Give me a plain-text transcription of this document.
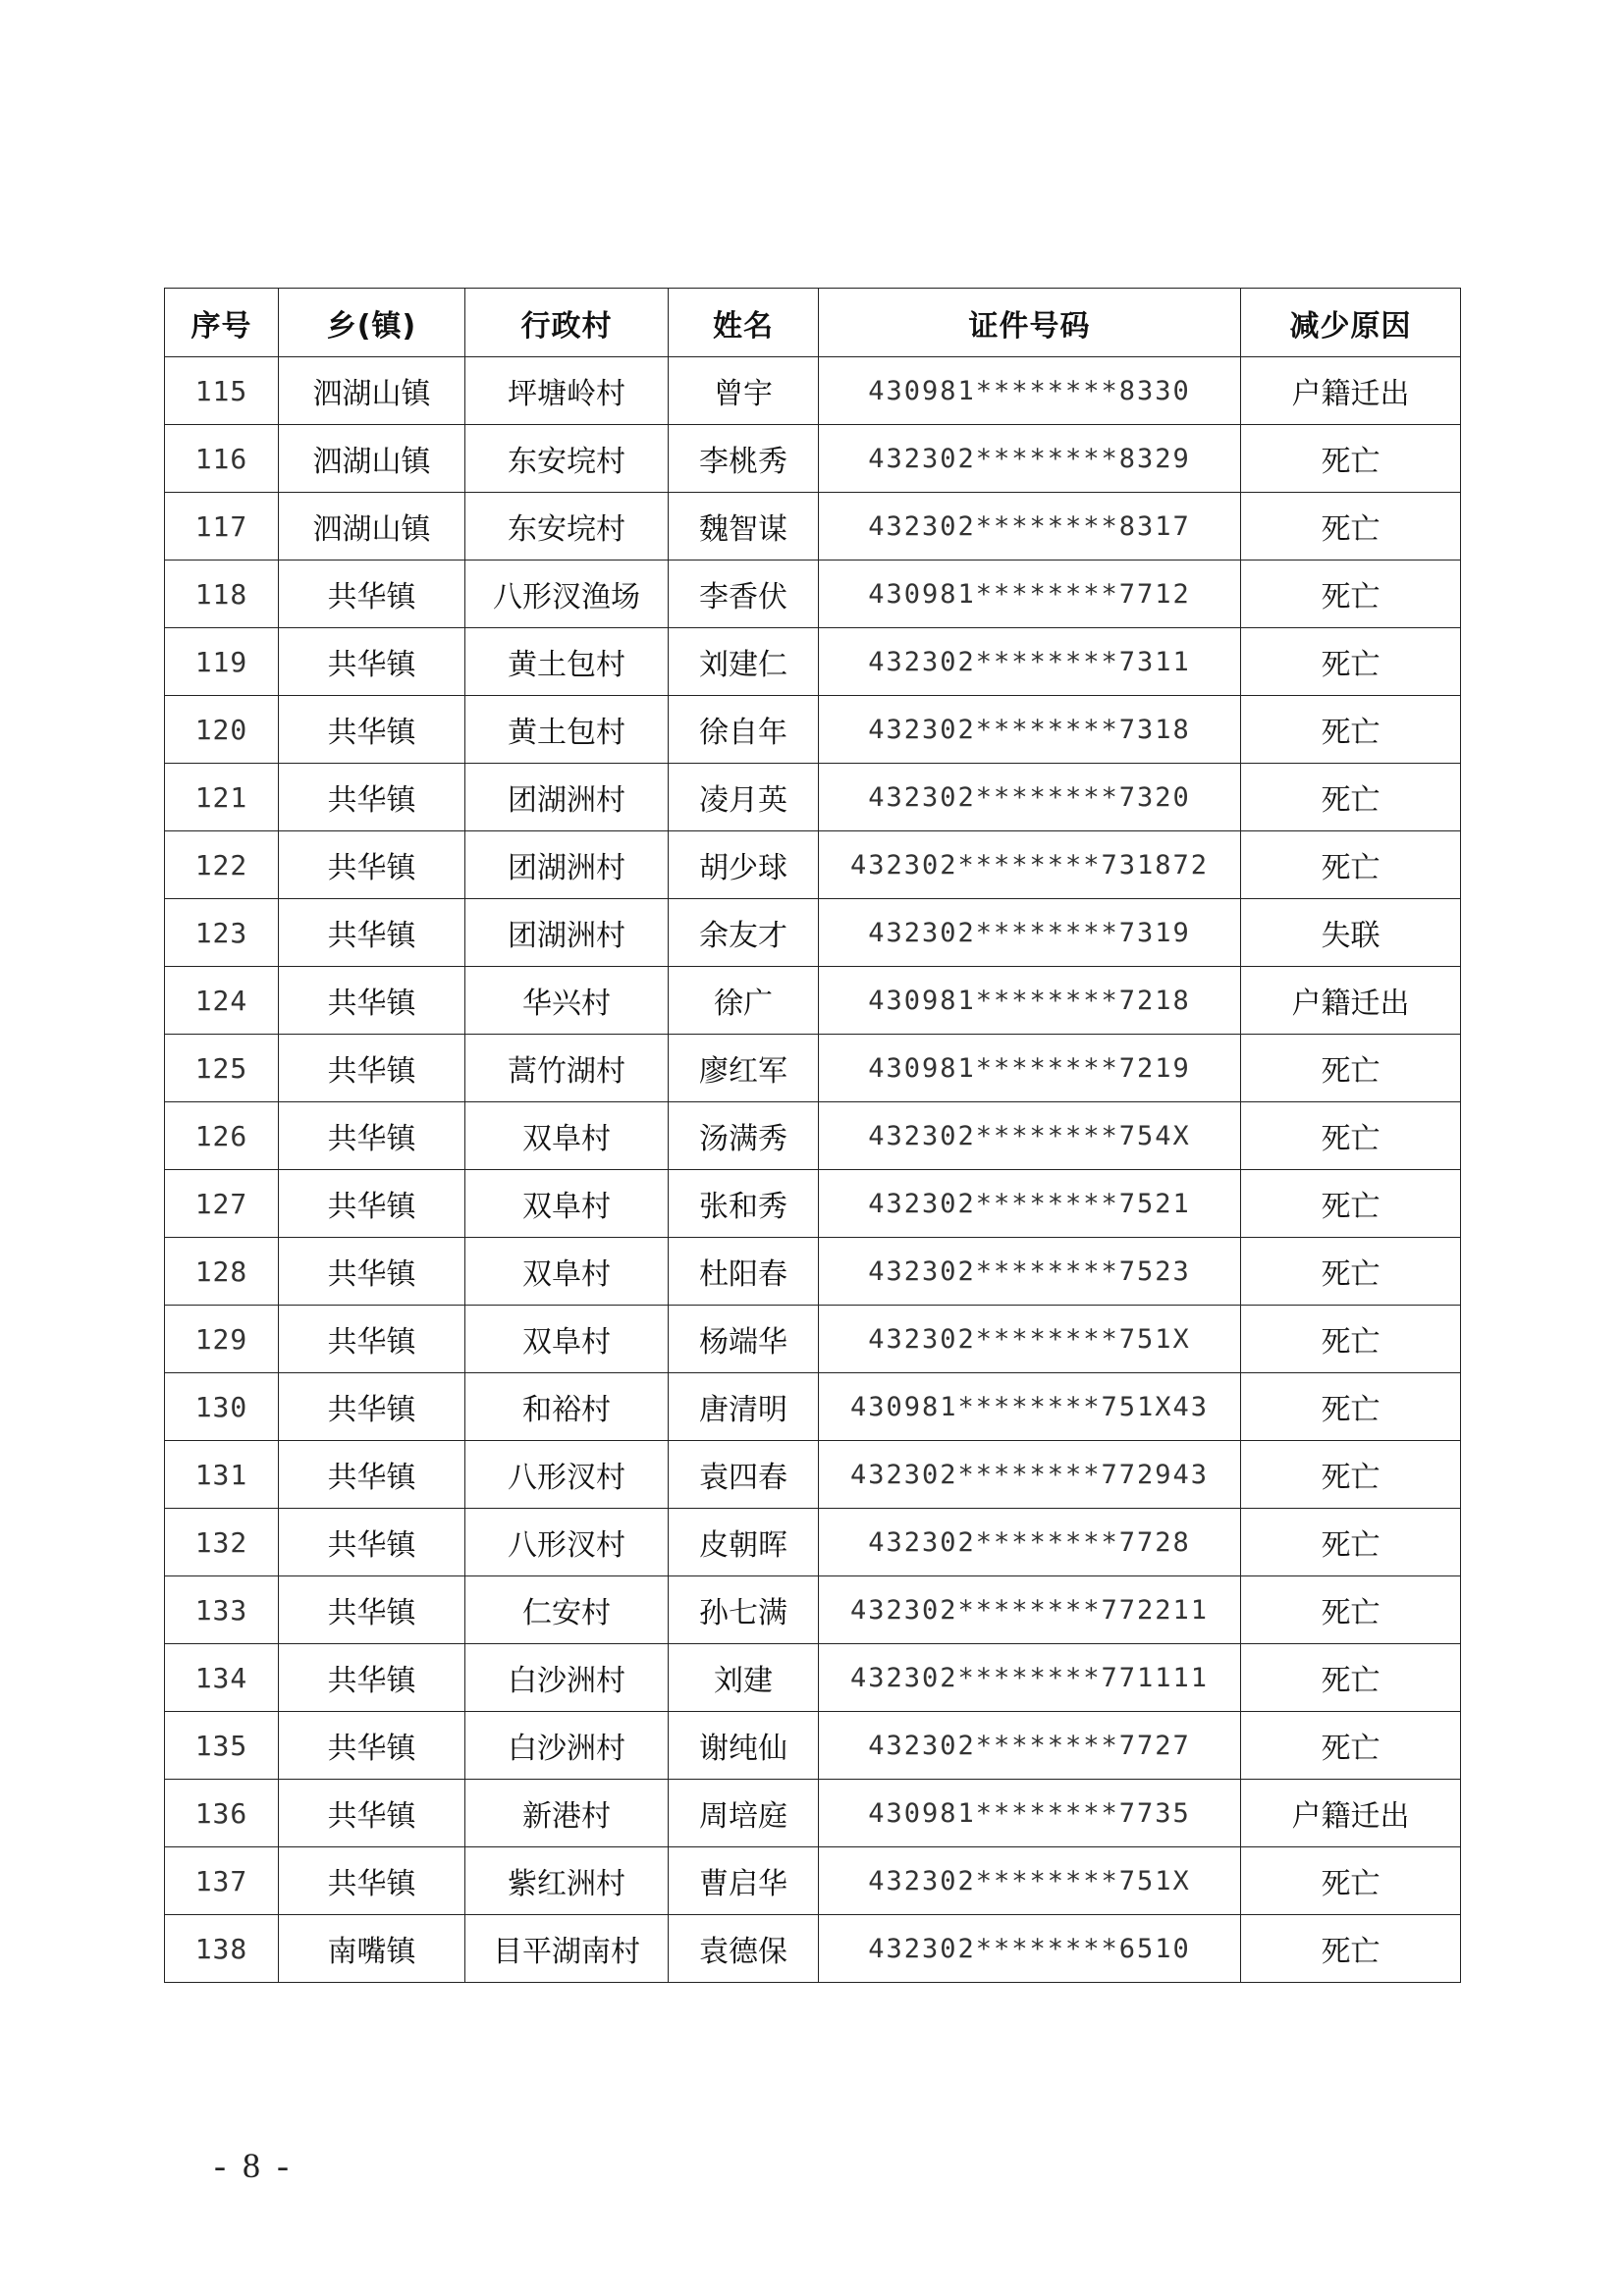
序号	乡(镇)	行政村	姓名	证件号码	减少原因
115	泗湖山镇	坪塘岭村	曾宇	430981********8330	户籍迁出
116	泗湖山镇	东安垸村	李桃秀	432302********8329	死亡
117	泗湖山镇	东安垸村	魏智谋	432302********8317	死亡
118	共华镇	八形汊渔场	李香伏	430981********7712	死亡
119	共华镇	黄土包村	刘建仁	432302********7311	死亡
120	共华镇	黄土包村	徐自年	432302********7318	死亡
121	共华镇	团湖洲村	凌月英	432302********7320	死亡
122	共华镇	团湖洲村	胡少球	432302********731872	死亡
123	共华镇	团湖洲村	余友才	432302********7319	失联
124	共华镇	华兴村	徐广	430981********7218	户籍迁出
125	共华镇	蒿竹湖村	廖红军	430981********7219	死亡
126	共华镇	双阜村	汤满秀	432302********754X	死亡
127	共华镇	双阜村	张和秀	432302********7521	死亡
128	共华镇	双阜村	杜阳春	432302********7523	死亡
129	共华镇	双阜村	杨端华	432302********751X	死亡
130	共华镇	和裕村	唐清明	430981********751X43	死亡
131	共华镇	八形汊村	袁四春	432302********772943	死亡
132	共华镇	八形汊村	皮朝晖	432302********7728	死亡
133	共华镇	仁安村	孙七满	432302********772211	死亡
134	共华镇	白沙洲村	刘建	432302********771111	死亡
135	共华镇	白沙洲村	谢纯仙	432302********7727	死亡
136	共华镇	新港村	周培庭	430981********7735	户籍迁出
137	共华镇	紫红洲村	曹启华	432302********751X	死亡
138	南嘴镇	目平湖南村	袁德保	432302********6510	死亡
- 8 -
